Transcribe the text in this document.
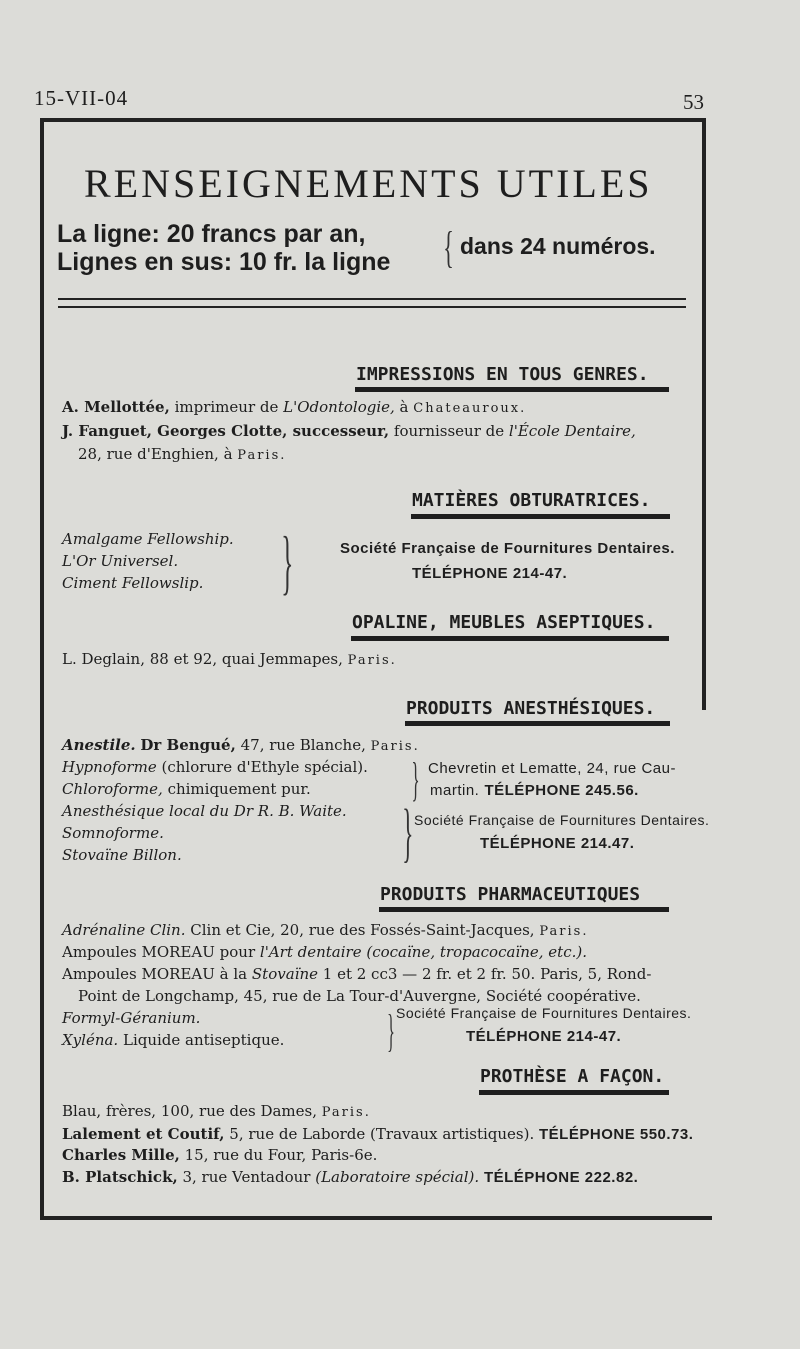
15-VII-04	53
RENSEIGNEMENTS UTILES
La ligne: 20 francs par an,
Lignes en sus: 10 fr. la ligne { dans 24 numéros.
IMPRESSIONS EN TOUS GENRES.
A. Mellottée, imprimeur de L'Odontologie, à Chateauroux.
J. Fanguet, Georges Clotte, successeur, fournisseur de l'École Dentaire,
28, rue d'Enghien, à Paris.
MATIÈRES OBTURATRICES.
Amalgame Fellowship.
L'Or Universel.
Ciment Fellowslip. }	Société Française de Fournitures Dentaires.
TÉLÉPHONE 214-47.
OPALINE, MEUBLES ASEPTIQUES.
L. Deglain, 88 et 92, quai Jemmapes, Paris.
PRODUITS ANESTHÉSIQUES.
Anestile. Dr Bengué, 47, rue Blanche, Paris.
Hypnoforme (chlorure d'Ethyle spécial).
Chloroforme, chimiquement pur. } Chevretin et Lematte, 24, rue Cau-
martin. TÉLÉPHONE 245.56.
Anesthésique local du Dr R. B. Waite.
Somnoforme.
Stovaïne Billon.	} Société Française de Fournitures Dentaires.
TÉLÉPHONE 214.47.
PRODUITS PHARMACEUTIQUES
Adrénaline Clin. Clin et Cie, 20, rue des Fossés-Saint-Jacques, Paris.
Ampoules MOREAU pour l'Art dentaire (cocaïne, tropacocaïne, etc.).
Ampoules MOREAU à la Stovaïne 1 et 2 cc3 — 2 fr. et 2 fr. 50. Paris, 5, Rond-
Point de Longchamp, 45, rue de La Tour-d'Auvergne, Société coopérative.
Formyl-Géranium.
Xyléna. Liquide antiseptique. } Société Française de Fournitures Dentaires.
TÉLÉPHONE 214-47.
PROTHÈSE A FAÇON.
Blau, frères, 100, rue des Dames, Paris.
Lalement et Coutif, 5, rue de Laborde (Travaux artistiques). TÉLÉPHONE 550.73.
Charles Mille, 15, rue du Four, Paris-6e.
B. Platschick, 3, rue Ventadour (Laboratoire spécial). TÉLÉPHONE 222.82.
